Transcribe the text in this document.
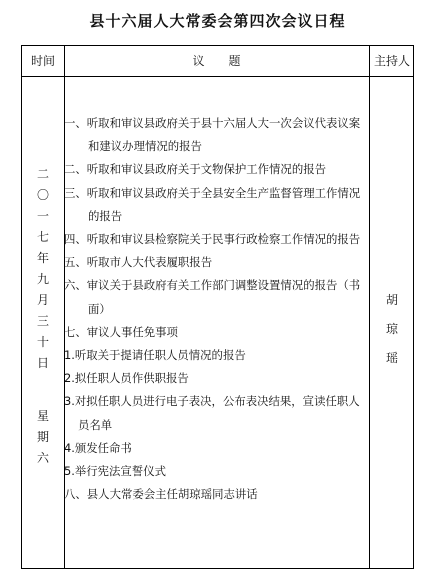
县十六届人大常委会第四次会议日程
时间	议　　题	主持人
二
〇
一
七
年
九
月
三
十
日
星
期
六
胡
琼
瑶
一、听取和审议县政府关于县十六届人大一次会议代表议案和建议办理情况的报告
二、听取和审议县政府关于文物保护工作情况的报告
三、听取和审议县政府关于全县安全生产监督管理工作情况的报告
四、听取和审议县检察院关于民事行政检察工作情况的报告
五、听取市人大代表履职报告
六、审议关于县政府有关工作部门调整设置情况的报告（书面）
七、审议人事任免事项
1.听取关于提请任职人员情况的报告
2.拟任职人员作供职报告
3.对拟任职人员进行电子表决，公布表决结果，宣读任职人员名单
4.颁发任命书
5.举行宪法宣誓仪式
八、县人大常委会主任胡琼瑶同志讲话
